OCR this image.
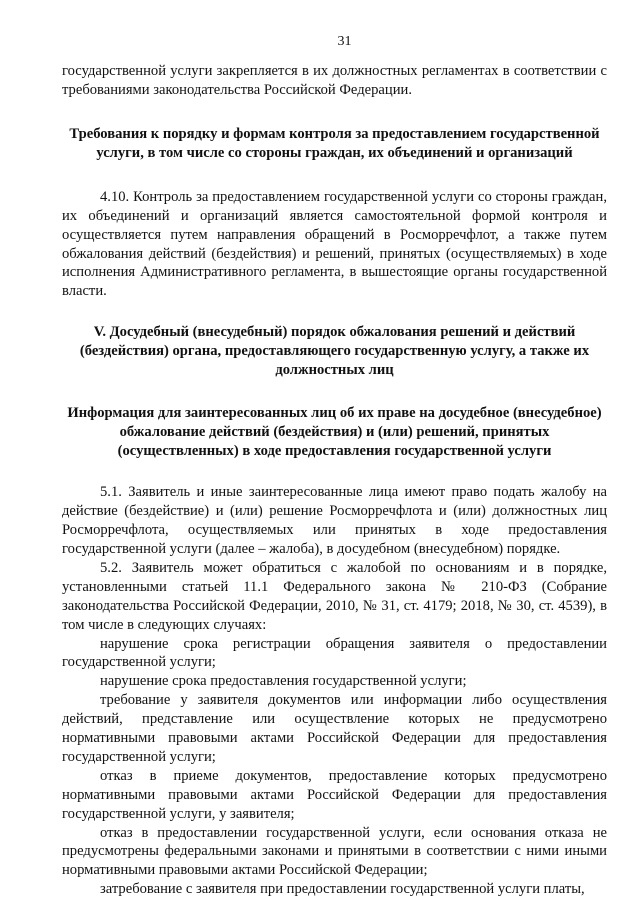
31

государственной услуги закрепляется в их должностных регламентах в соответствии с требованиями законодательства Российской Федерации.

Требования к порядку и формам контроля за предоставлением государственной услуги, в том числе со стороны граждан, их объединений и организаций

4.10. Контроль за предоставлением государственной услуги со стороны граждан, их объединений и организаций является самостоятельной формой контроля и осуществляется путем направления обращений в Росморречфлот, а также путем обжалования действий (бездействия) и решений, принятых (осуществляемых) в ходе исполнения Административного регламента, в вышестоящие органы государственной власти.

V. Досудебный (внесудебный) порядок обжалования решений и действий (бездействия) органа, предоставляющего государственную услугу, а также их должностных лиц
Информация для заинтересованных лиц об их праве на досудебное (внесудебное) обжалование действий (бездействия) и (или) решений, принятых (осуществленных) в ходе предоставления государственной услуги

5.1. Заявитель и иные заинтересованные лица имеют право подать жалобу на действие (бездействие) и (или) решение Росморречфлота и (или) должностных лиц Росморречфлота, осуществляемых или принятых в ходе предоставления государственной услуги (далее – жалоба), в досудебном (внесудебном) порядке.

5.2. Заявитель может обратиться с жалобой по основаниям и в порядке, установленными статьей 11.1 Федерального закона № 210-ФЗ (Собрание законодательства Российской Федерации, 2010, № 31, ст. 4179; 2018, № 30, ст. 4539), в том числе в следующих случаях:

нарушение срока регистрации обращения заявителя о предоставлении государственной услуги;

нарушение срока предоставления государственной услуги;

требование у заявителя документов или информации либо осуществления действий, представление или осуществление которых не предусмотрено нормативными правовыми актами Российской Федерации для предоставления государственной услуги;

отказ в приеме документов, предоставление которых предусмотрено нормативными правовыми актами Российской Федерации для предоставления государственной услуги, у заявителя;

отказ в предоставлении государственной услуги, если основания отказа не предусмотрены федеральными законами и принятыми в соответствии с ними иными нормативными правовыми актами Российской Федерации;

затребование с заявителя при предоставлении государственной услуги платы,
